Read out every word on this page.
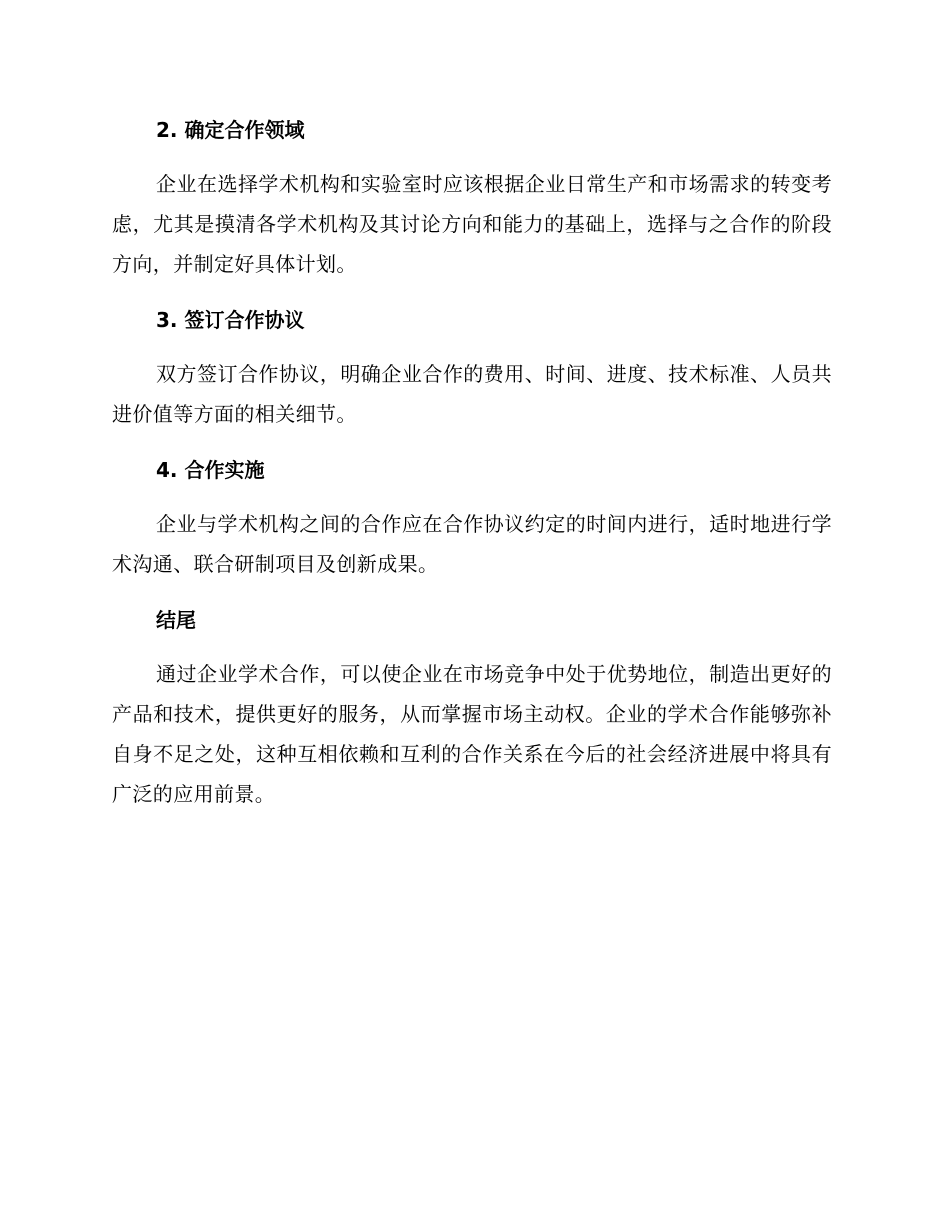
2. 确定合作领域

企业在选择学术机构和实验室时应该根据企业日常生产和市场需求的转变考虑，尤其是摸清各学术机构及其讨论方向和能力的基础上，选择与之合作的阶段方向，并制定好具体计划。

3. 签订合作协议

双方签订合作协议，明确企业合作的费用、时间、进度、技术标准、人员共进价值等方面的相关细节。

4. 合作实施

企业与学术机构之间的合作应在合作协议约定的时间内进行，适时地进行学术沟通、联合研制项目及创新成果。

结尾

通过企业学术合作，可以使企业在市场竞争中处于优势地位，制造出更好的产品和技术，提供更好的服务，从而掌握市场主动权。企业的学术合作能够弥补自身不足之处，这种互相依赖和互利的合作关系在今后的社会经济进展中将具有广泛的应用前景。
